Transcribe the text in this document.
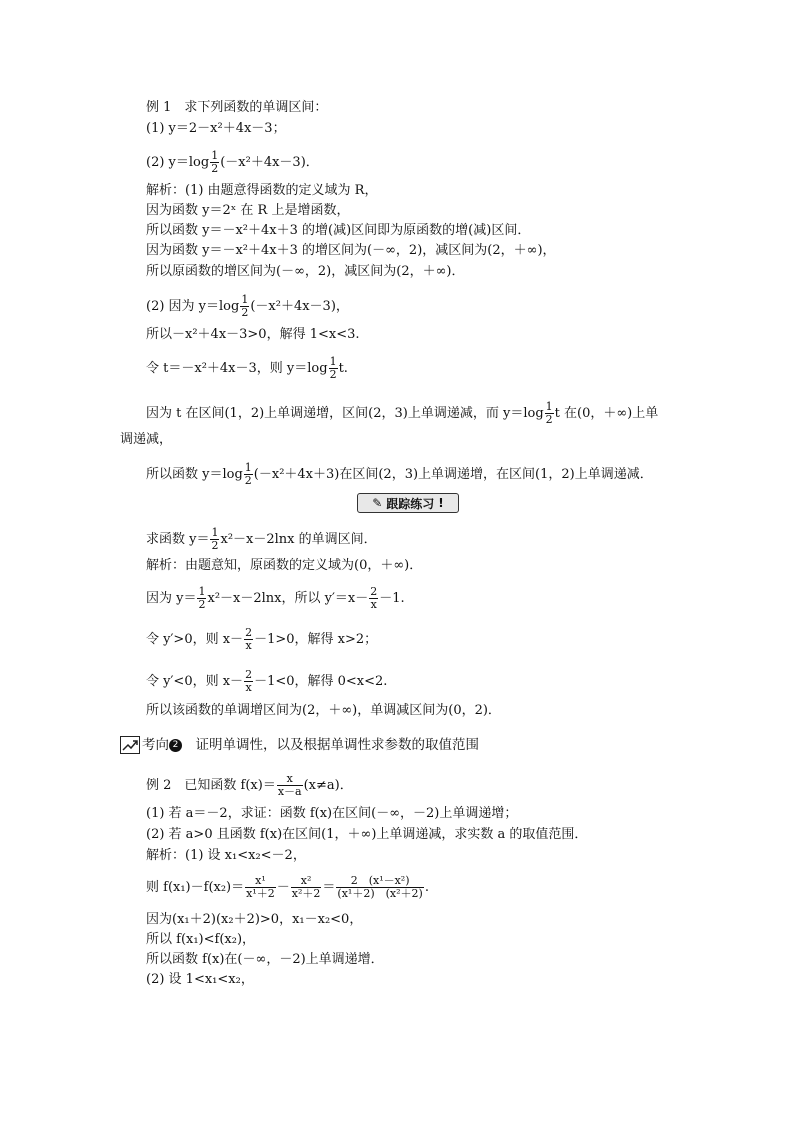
例 1　求下列函数的单调区间：
(1) y＝2－x²＋4x－3；
(2) $y=\log \frac{1}{2} (-x^2+4x-3)$．
解析：(1) 由题意得函数的定义域为 R，
因为函数 y＝2ˣ 在 R 上是增函数，
所以函数 y＝－x²＋4x＋3 的增(减)区间即为原函数的增(减)区间．
因为函数 y＝－x²＋4x＋3 的增区间为(－∞，2)，减区间为(2，＋∞)，
所以原函数的增区间为(－∞，2)，减区间为(2，＋∞)．
(2) 因为 $y=\log \frac{1}{2} (-x^2+4x-3)$，
所以－x²＋4x－3>0，解得 1<x<3.
令 t＝－x²＋4x－3，则 $y=\log \frac{1}{2} t$.
因为 t 在区间(1，2)上单调递增，区间(2，3)上单调递减，而 $y=\log \frac{1}{2}$ t 在(0，＋∞)上单
调递减，
所以函数 $y=\log \frac{1}{2} (-x^2+4x+3)$在区间(2，3)上单调递增，在区间(1，2)上单调递减．
✎ 跟踪练习 !
求函数 $y= \frac{1}{2} x^2-x-2\ln x$ 的单调区间．
解析：由题意知，原函数的定义域为(0，＋∞)．
因为 $y= \frac{1}{2} x^2-x-2\ln x$，所以 $y'=x- \frac{2}{x} -1$.
令 y′>0，则 $x- \frac{2}{x} -1>0$，解得 x>2；
令 y′<0，则 $x- \frac{2}{x} -1<0$，解得 0<x<2.
所以该函数的单调增区间为(2，＋∞)，单调减区间为(0，2)．
考向 2　 证明单调性，以及根据单调性求参数的取值范围
例 2　已知函数 $f(x)= \frac{x}{x-a} (x\ne a)$．
(1) 若 a＝－2，求证：函数 f(x)在区间(－∞，－2)上单调递增；
(2) 若 a>0 且函数 f(x)在区间(1，＋∞)上单调递减，求实数 a 的取值范围．
解析：(1) 设 x₁<x₂<－2，
则 $f(x_1)-f(x_2)= \frac{\text{x¹}}{\text{x¹＋2}} - \frac{\text{x²}}{\text{x²＋2}} = \frac{\text{2　(x¹－x²)}}{\text{(x¹＋2)　(x²＋2)}}$ .
因为(x₁＋2)(x₂＋2)>0，x₁－x₂<0，
所以 f(x₁)<f(x₂)，
所以函数 f(x)在(－∞，－2)上单调递增．
(2) 设 1<x₁<x₂，
